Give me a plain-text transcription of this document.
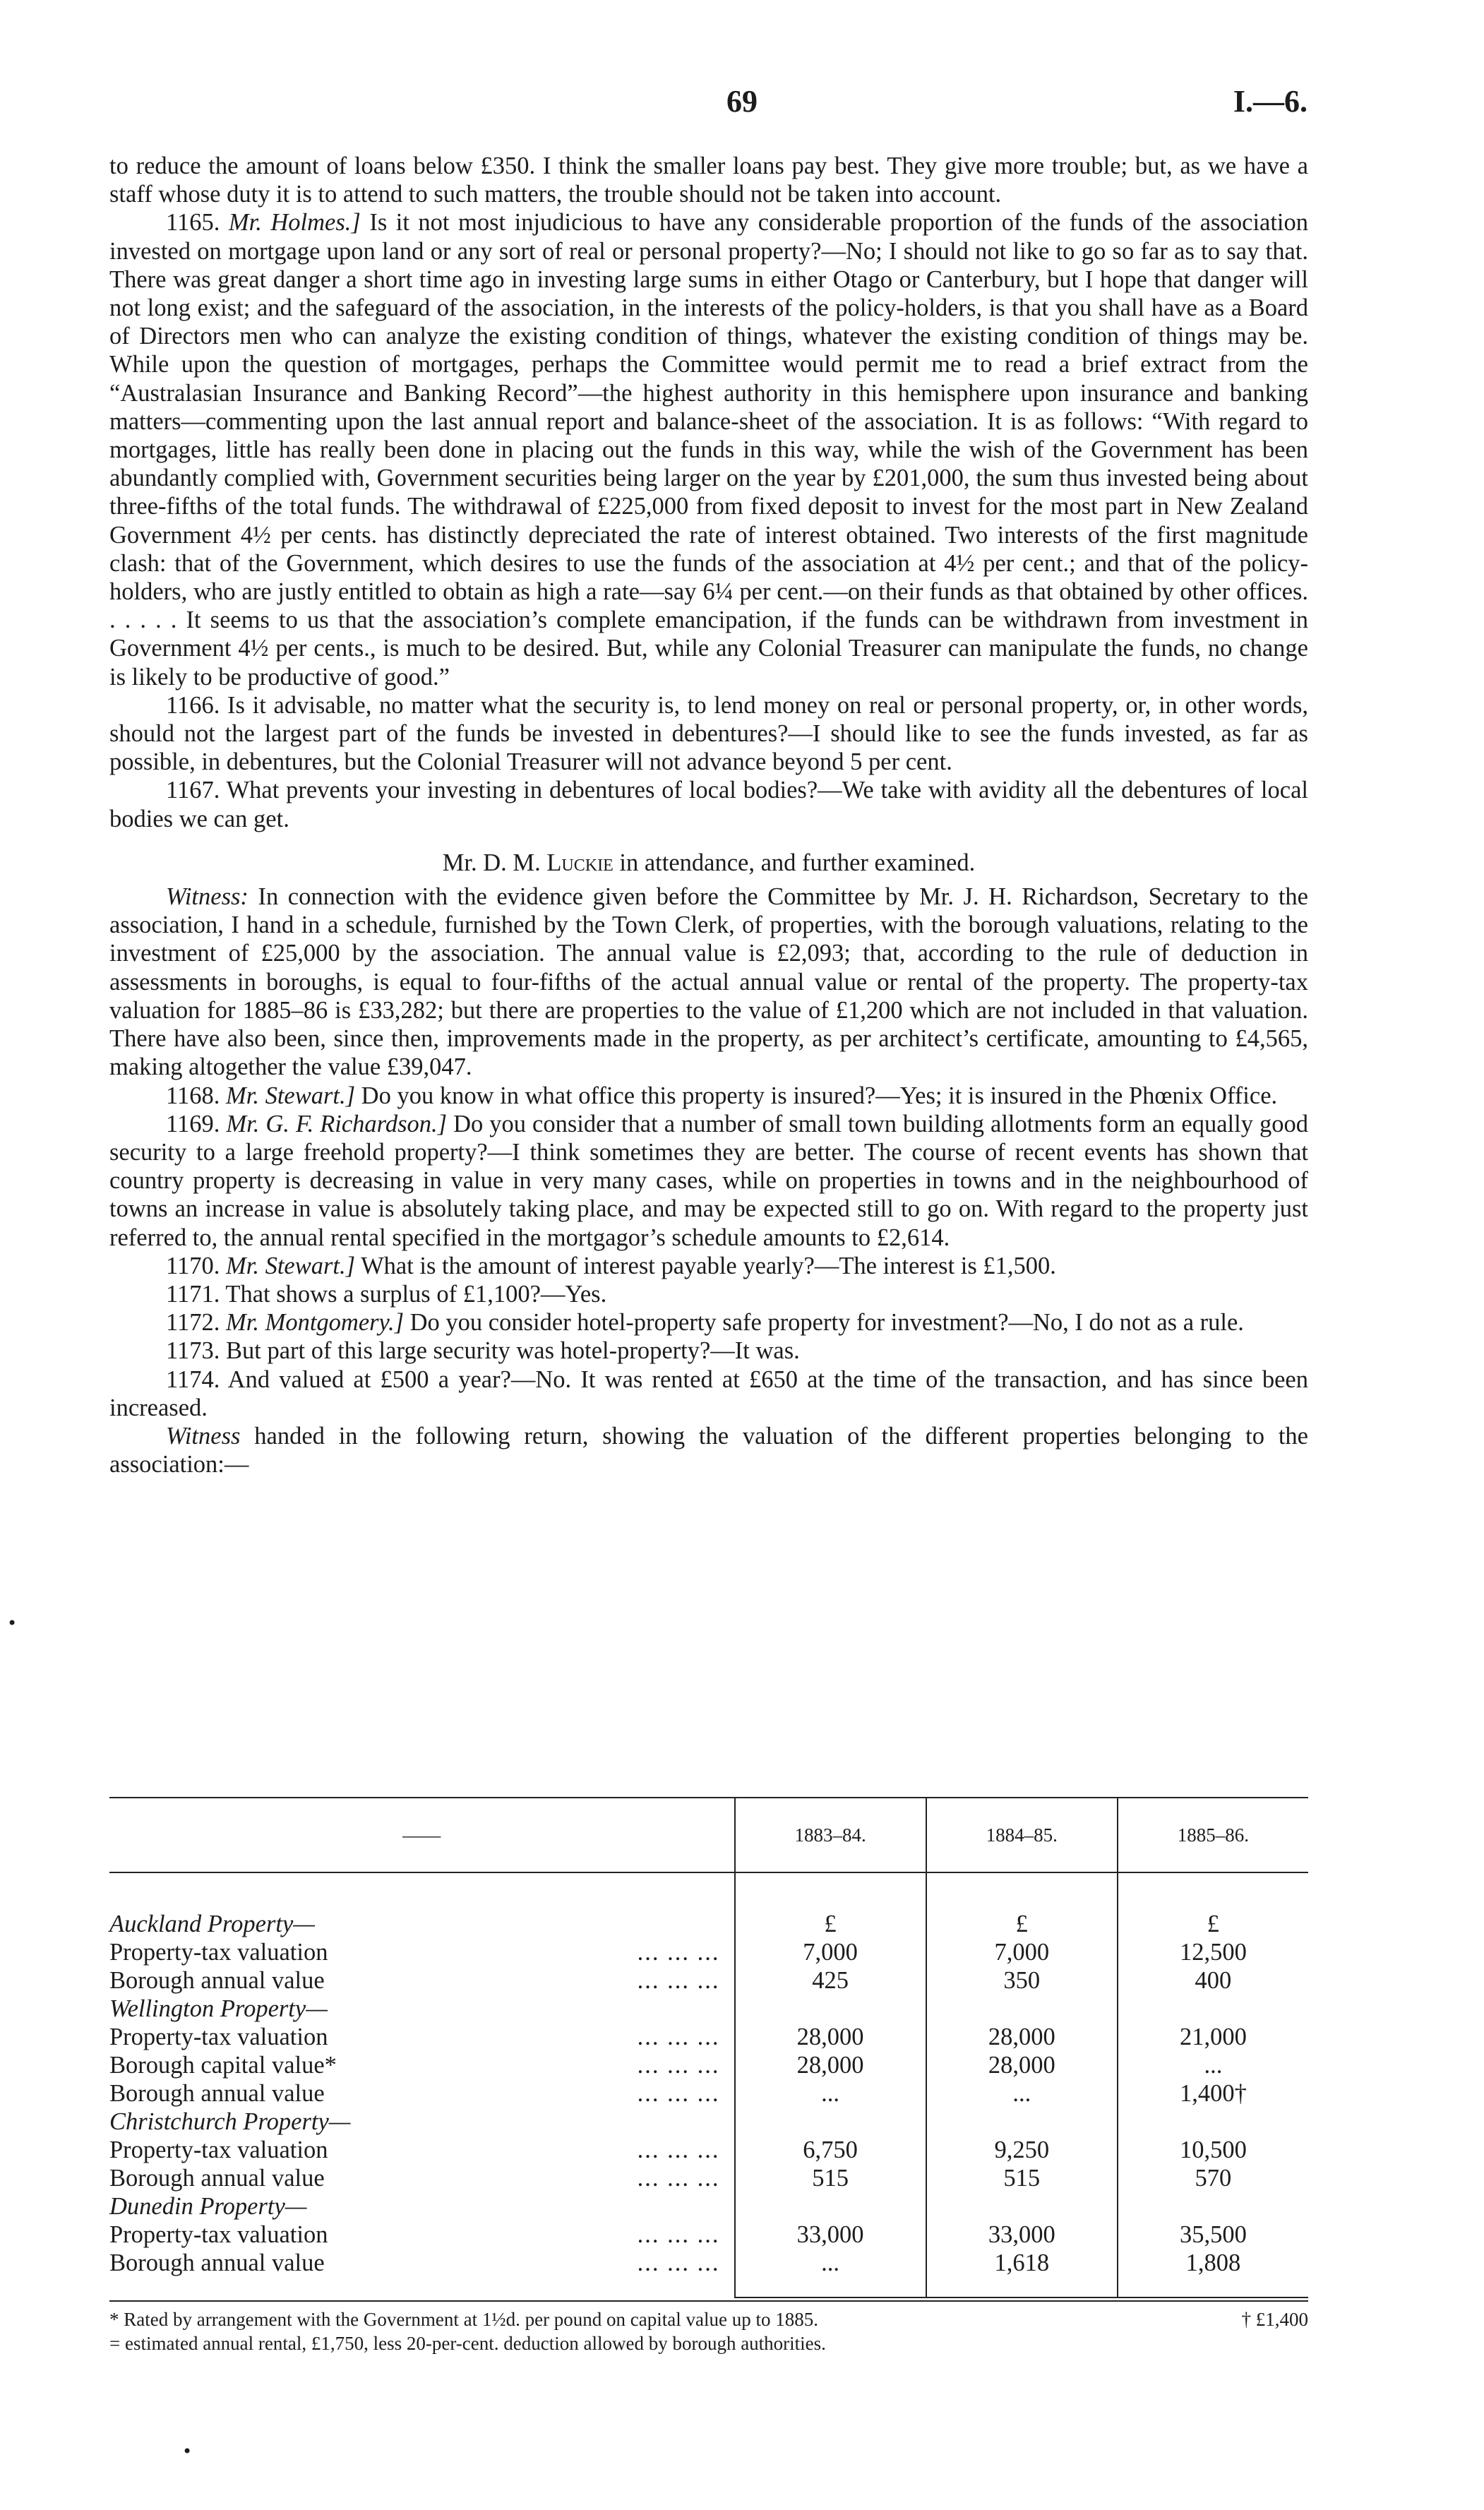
69	I.—6.

to reduce the amount of loans below £350. I think the smaller loans pay best. They give more trouble; but, as we have a staff whose duty it is to attend to such matters, the trouble should not be taken into account.

1165. Mr. Holmes.] Is it not most injudicious to have any considerable proportion of the funds of the association invested on mortgage upon land or any sort of real or personal property?—No; I should not like to go so far as to say that. There was great danger a short time ago in investing large sums in either Otago or Canterbury, but I hope that danger will not long exist; and the safeguard of the association, in the interests of the policy-holders, is that you shall have as a Board of Directors men who can analyze the existing condition of things, whatever the existing condition of things may be. While upon the question of mortgages, perhaps the Committee would permit me to read a brief extract from the “Australasian Insurance and Banking Record”—the highest authority in this hemisphere upon insurance and banking matters—commenting upon the last annual report and balance-sheet of the association. It is as follows: “With regard to mortgages, little has really been done in placing out the funds in this way, while the wish of the Government has been abundantly complied with, Government securities being larger on the year by £201,000, the sum thus invested being about three-fifths of the total funds. The withdrawal of £225,000 from fixed deposit to invest for the most part in New Zealand Government 4½ per cents. has distinctly depreciated the rate of interest obtained. Two interests of the first magnitude clash: that of the Government, which desires to use the funds of the association at 4½ per cent.; and that of the policy-holders, who are justly entitled to obtain as high a rate—say 6¼ per cent.—on their funds as that obtained by other offices. . . . . . It seems to us that the association’s complete emancipation, if the funds can be withdrawn from investment in Government 4½ per cents., is much to be desired. But, while any Colonial Treasurer can manipulate the funds, no change is likely to be productive of good.”

1166. Is it advisable, no matter what the security is, to lend money on real or personal property, or, in other words, should not the largest part of the funds be invested in debentures?—I should like to see the funds invested, as far as possible, in debentures, but the Colonial Treasurer will not advance beyond 5 per cent.

1167. What prevents your investing in debentures of local bodies?—We take with avidity all the debentures of local bodies we can get.

Mr. D. M. Luckie in attendance, and further examined.

Witness: In connection with the evidence given before the Committee by Mr. J. H. Richardson, Secretary to the association, I hand in a schedule, furnished by the Town Clerk, of properties, with the borough valuations, relating to the investment of £25,000 by the association. The annual value is £2,093; that, according to the rule of deduction in assessments in boroughs, is equal to four-fifths of the actual annual value or rental of the property. The property-tax valuation for 1885–86 is £33,282; but there are properties to the value of £1,200 which are not included in that valuation. There have also been, since then, improvements made in the property, as per architect’s certificate, amounting to £4,565, making altogether the value £39,047.

1168. Mr. Stewart.] Do you know in what office this property is insured?—Yes; it is insured in the Phœnix Office.

1169. Mr. G. F. Richardson.] Do you consider that a number of small town building allotments form an equally good security to a large freehold property?—I think sometimes they are better. The course of recent events has shown that country property is decreasing in value in very many cases, while on properties in towns and in the neighbourhood of towns an increase in value is absolutely taking place, and may be expected still to go on. With regard to the property just referred to, the annual rental specified in the mortgagor’s schedule amounts to £2,614.

1170. Mr. Stewart.] What is the amount of interest payable yearly?—The interest is £1,500.

1171. That shows a surplus of £1,100?—Yes.

1172. Mr. Montgomery.] Do you consider hotel-property safe property for investment?—No, I do not as a rule.

1173. But part of this large security was hotel-property?—It was.

1174. And valued at £500 a year?—No. It was rented at £650 at the time of the transaction, and has since been increased.

Witness handed in the following return, showing the valuation of the different properties belonging to the association:—

——	1883–84.	1884–85.	1885–86.

Auckland Property—	£	£	£

Property-tax valuation ... ... ...	7,000	7,000	12,500

Borough annual value ... ... ...	425	350	400
Wellington Property—			

Property-tax valuation ... ... ...	28,000	28,000	21,000

Borough capital value* ... ... ...	28,000	28,000	...

Borough annual value ... ... ...	...	...	1,400†
Christchurch Property—			

Property-tax valuation ... ... ...	6,750	9,250	10,500

Borough annual value ... ... ...	515	515	570
Dunedin Property—			

Property-tax valuation ... ... ...	33,000	33,000	35,500

Borough annual value ... ... ...	...	1,618	1,808

* Rated by arrangement with the Government at 1½d. per pound on capital value up to 1885.	† £1,400
= estimated annual rental, £1,750, less 20-per-cent. deduction allowed by borough authorities.
•
•
